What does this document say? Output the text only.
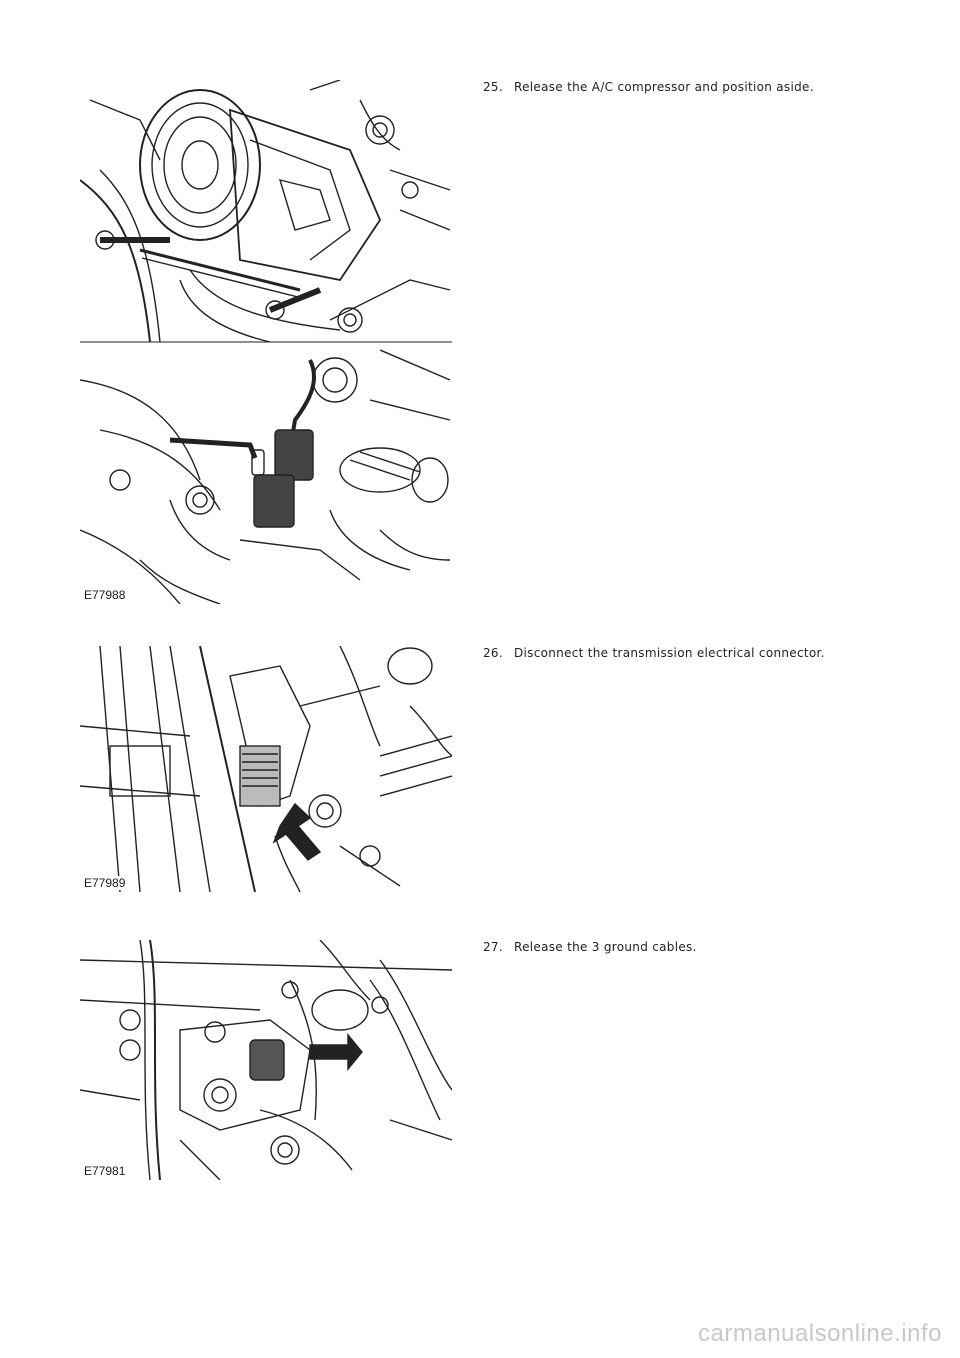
E77988
25. Release the A/C compressor and position aside.
E77989
26. Disconnect the transmission electrical connector.
E77981
27. Release the 3 ground cables.
carmanualsonline.info
